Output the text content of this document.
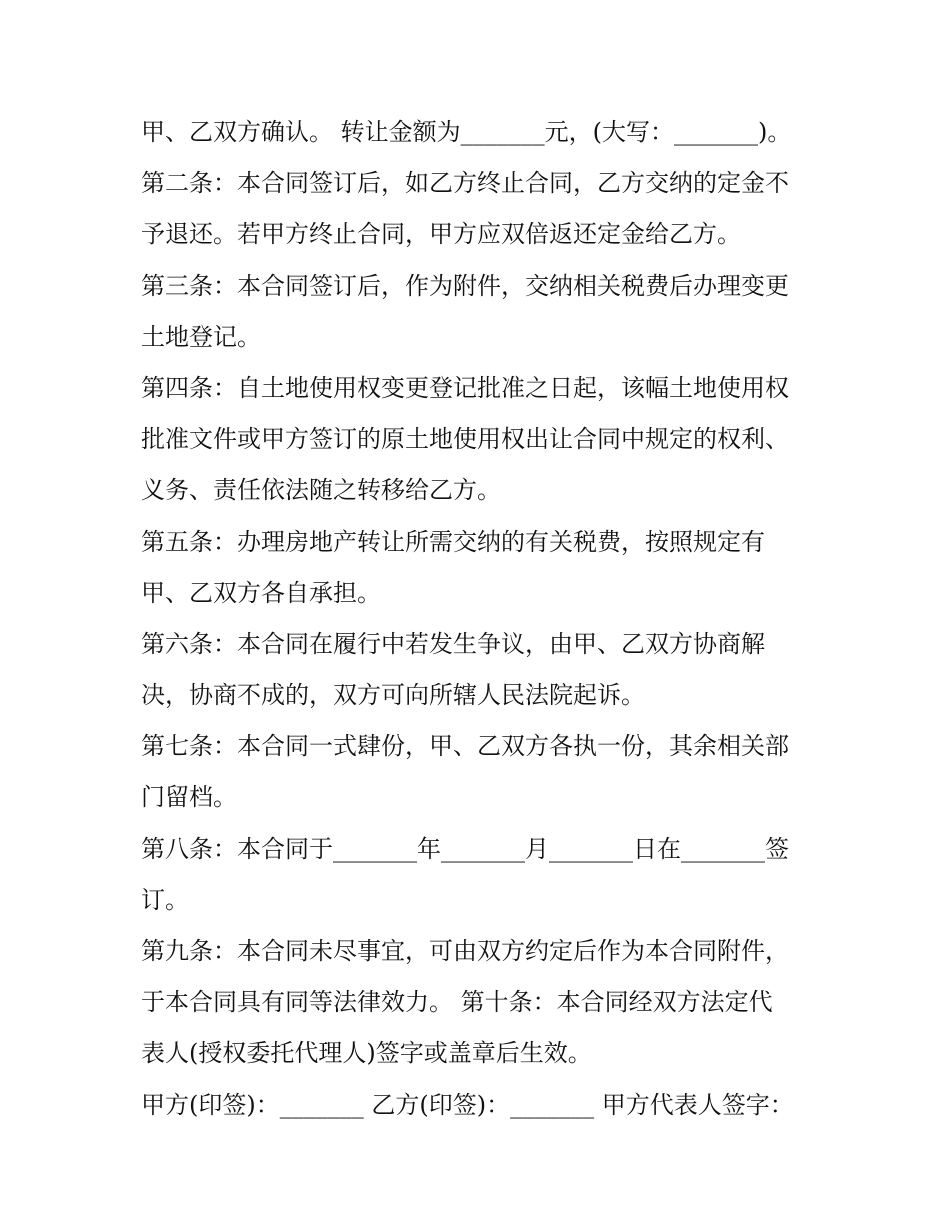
甲、乙双方确认。 转让金额为_______元，(大写：_______)。
第二条：本合同签订后，如乙方终止合同，乙方交纳的定金不
予退还。若甲方终止合同，甲方应双倍返还定金给乙方。
第三条：本合同签订后，作为附件，交纳相关税费后办理变更
土地登记。
第四条：自土地使用权变更登记批准之日起，该幅土地使用权
批准文件或甲方签订的原土地使用权出让合同中规定的权利、
义务、责任依法随之转移给乙方。
第五条：办理房地产转让所需交纳的有关税费，按照规定有
甲、乙双方各自承担。
第六条：本合同在履行中若发生争议，由甲、乙双方协商解
决，协商不成的，双方可向所辖人民法院起诉。
第七条：本合同一式肆份，甲、乙双方各执一份，其余相关部
门留档。
第八条：本合同于_______年_______月_______日在_______签
订。
第九条：本合同未尽事宜，可由双方约定后作为本合同附件，
于本合同具有同等法律效力。 第十条：本合同经双方法定代
表人(授权委托代理人)签字或盖章后生效。
甲方(印签)：_______ 乙方(印签)：_______ 甲方代表人签字：
